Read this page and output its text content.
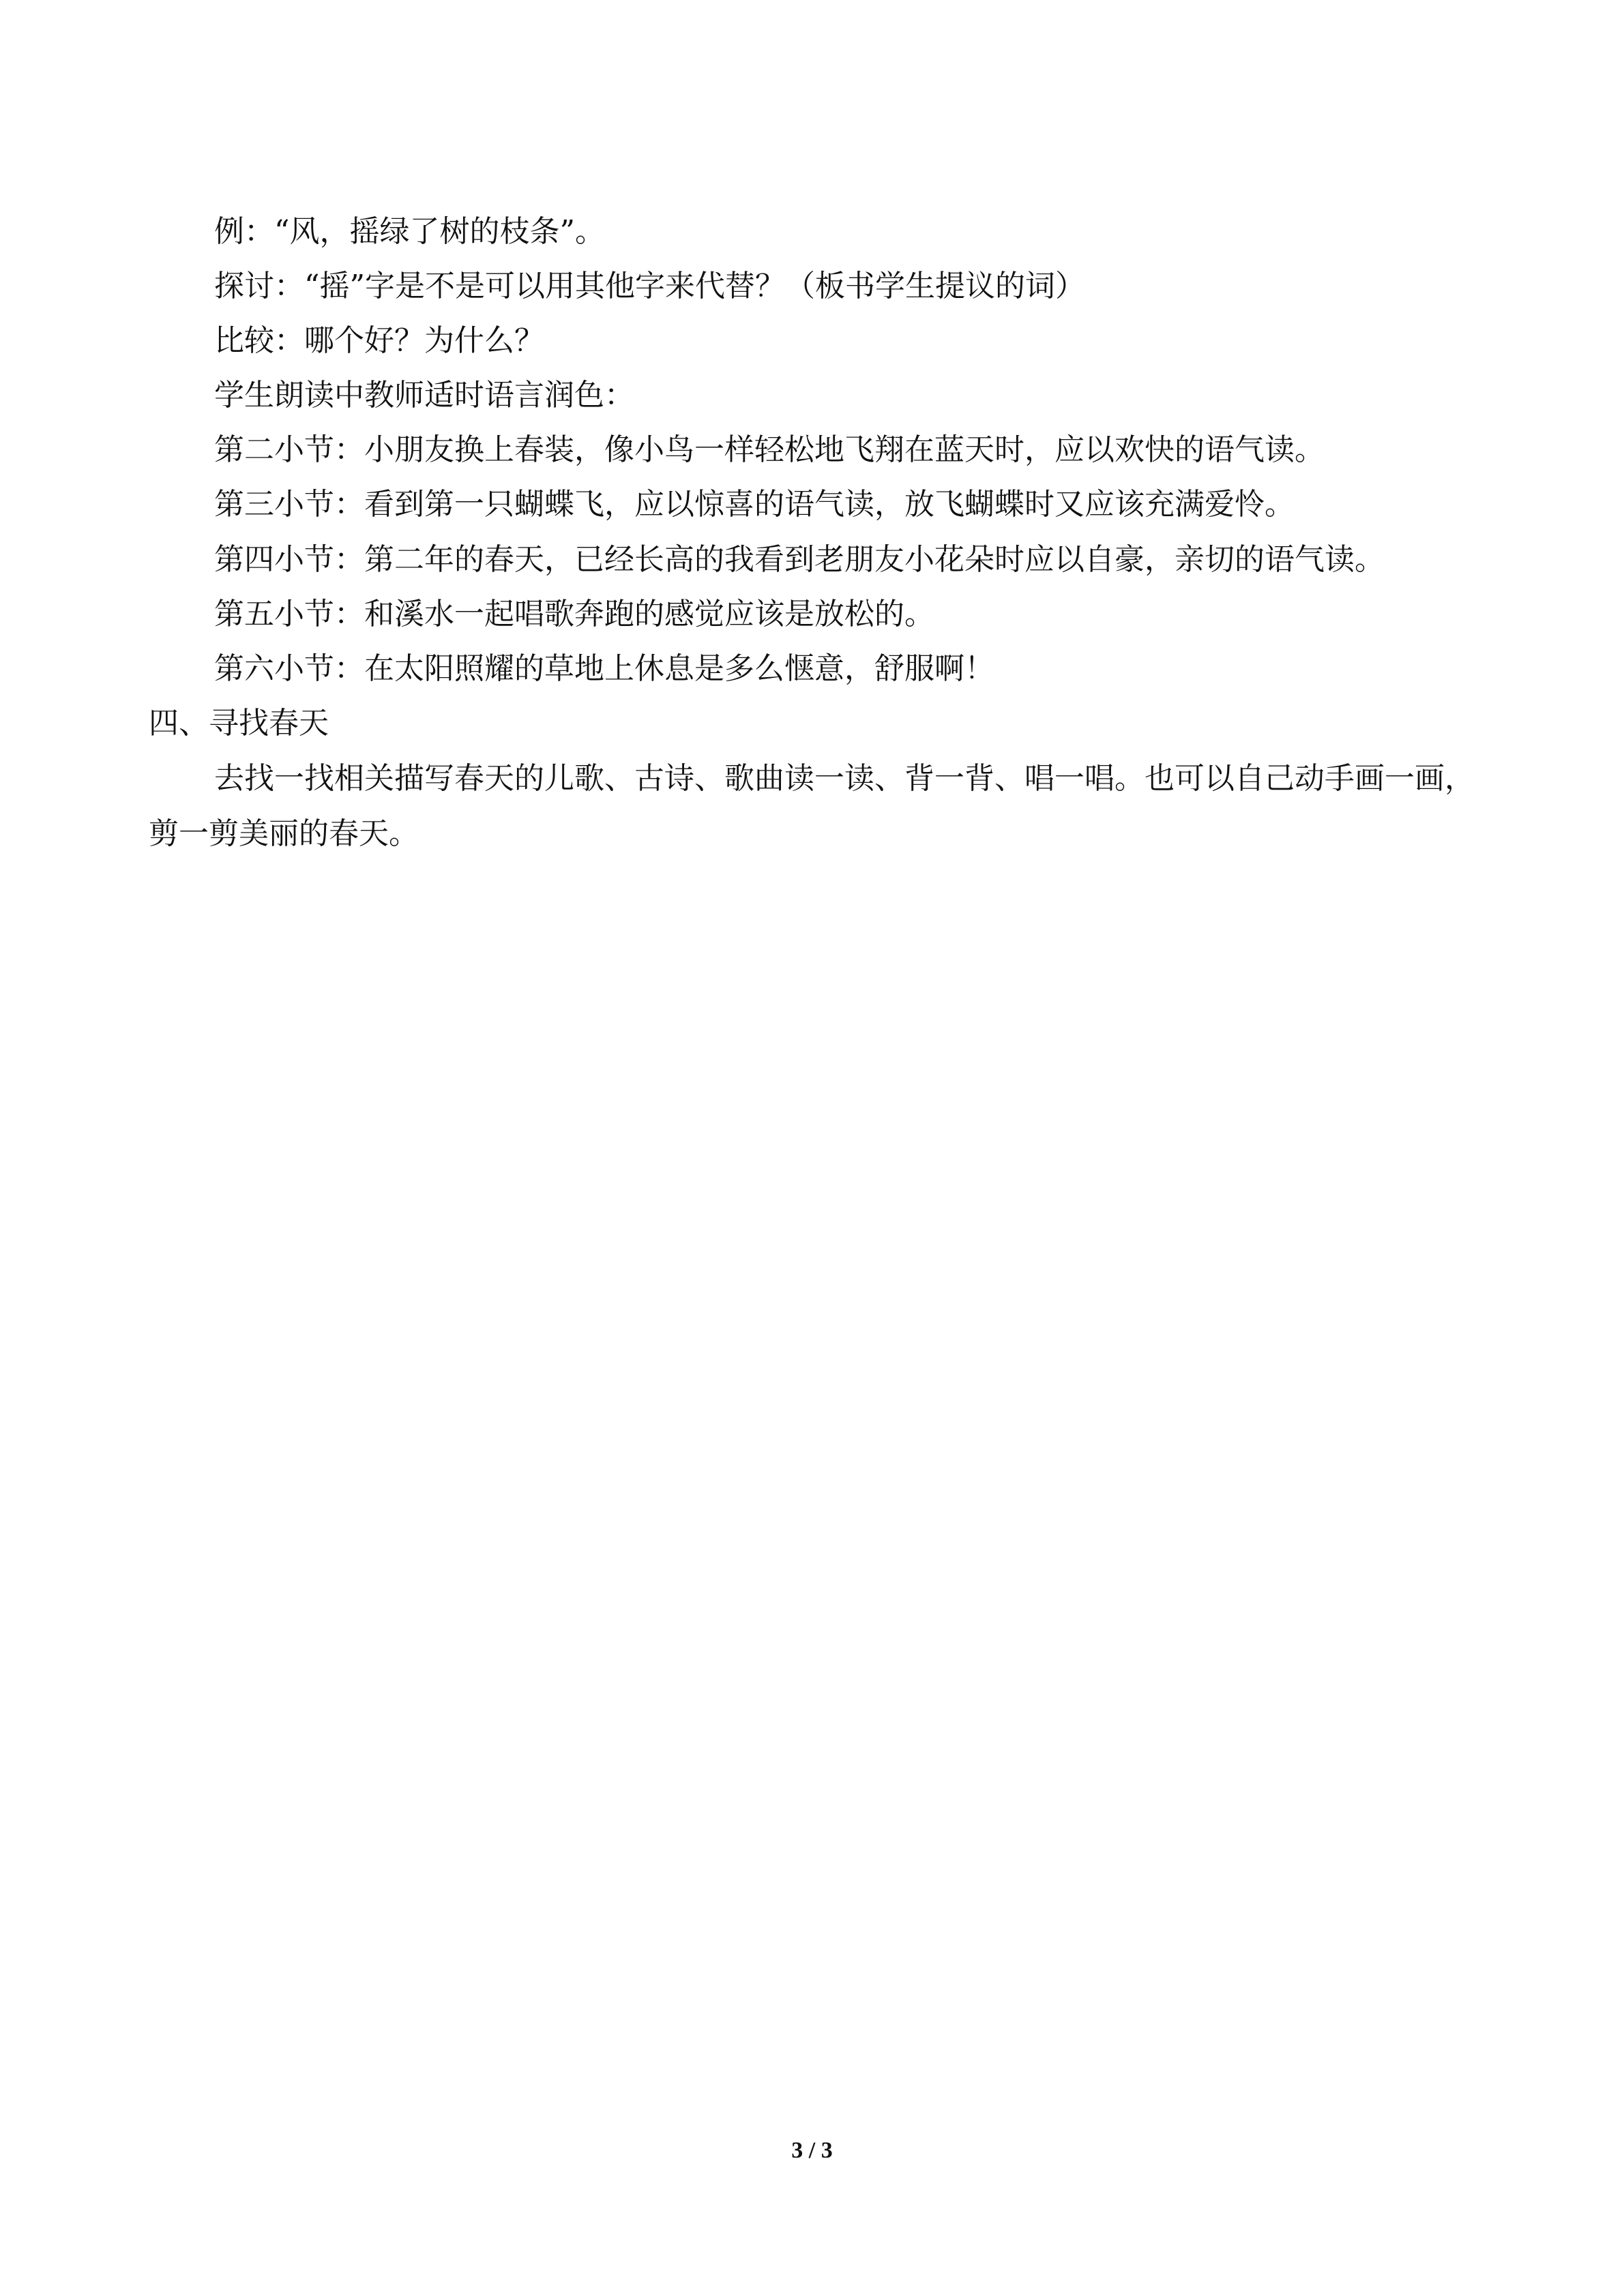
例：“风，摇绿了树的枝条”。

探讨：“摇”字是不是可以用其他字来代替？（板书学生提议的词）

比较：哪个好？为什么？

学生朗读中教师适时语言润色：

第二小节：小朋友换上春装，像小鸟一样轻松地飞翔在蓝天时，应以欢快的语气读。

第三小节：看到第一只蝴蝶飞，应以惊喜的语气读，放飞蝴蝶时又应该充满爱怜。

第四小节：第二年的春天，已经长高的我看到老朋友小花朵时应以自豪，亲切的语气读。

第五小节：和溪水一起唱歌奔跑的感觉应该是放松的。

第六小节：在太阳照耀的草地上休息是多么惬意，舒服啊！

四、寻找春天

去找一找相关描写春天的儿歌、古诗、歌曲读一读、背一背、唱一唱。也可以自己动手画一画，剪一剪美丽的春天。

3 / 3
